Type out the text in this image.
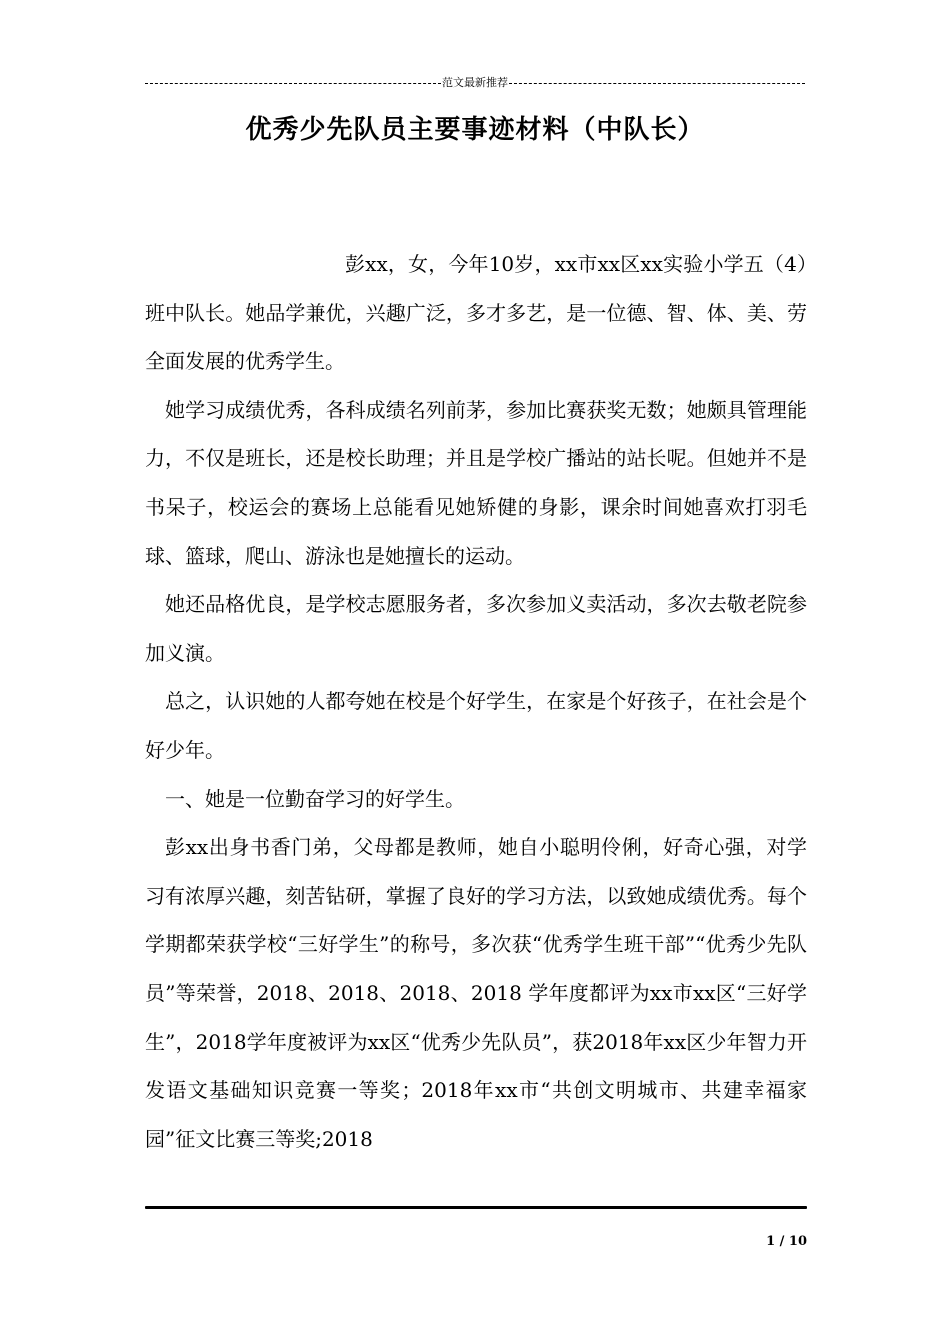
范文最新推荐
优秀少先队员主要事迹材料（中队长）

彭xx，女，今年10岁，xx市xx区xx实验小学五（4）班中队长。她品学兼优，兴趣广泛，多才多艺，是一位德、智、体、美、劳全面发展的优秀学生。

她学习成绩优秀，各科成绩名列前茅，参加比赛获奖无数；她颇具管理能力，不仅是班长，还是校长助理；并且是学校广播站的站长呢。但她并不是书呆子，校运会的赛场上总能看见她矫健的身影，课余时间她喜欢打羽毛球、篮球，爬山、游泳也是她擅长的运动。

她还品格优良，是学校志愿服务者，多次参加义卖活动，多次去敬老院参加义演。

总之，认识她的人都夸她在校是个好学生，在家是个好孩子，在社会是个好少年。

一、她是一位勤奋学习的好学生。

彭xx出身书香门弟，父母都是教师，她自小聪明伶俐，好奇心强，对学习有浓厚兴趣，刻苦钻研，掌握了良好的学习方法，以致她成绩优秀。每个学期都荣获学校“三好学生”的称号，多次获“优秀学生班干部”“优秀少先队员”等荣誉，2018、2018、2018、2018 学年度都评为xx市xx区“三好学生”，2018学年度被评为xx区“优秀少先队员”，获2018年xx区少年智力开发语文基础知识竞赛一等奖；2018年xx市“共创文明城市、共建幸福家园”征文比赛三等奖;2018

1 / 10
